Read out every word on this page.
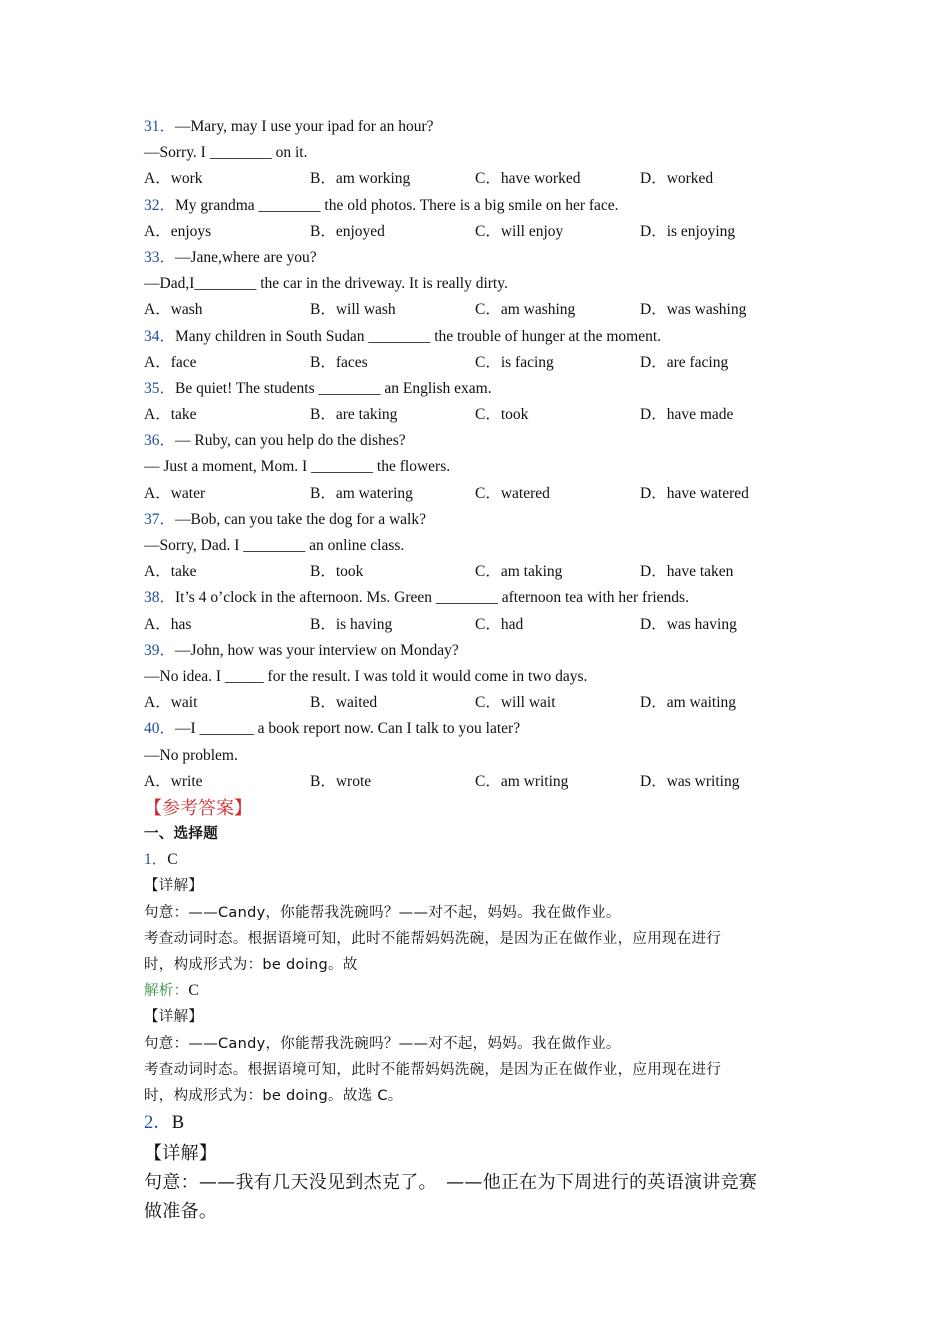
31．—Mary, may I use your ipad for an hour?
—Sorry. I ________ on it.
A．work	B．am working	C．have worked	D．worked
32．My grandma ________ the old photos. There is a big smile on her face.
A．enjoys	B．enjoyed	C．will enjoy	D．is enjoying
33．—Jane,where are you?
—Dad,I________ the car in the driveway. It is really dirty.
A．wash	B．will wash	C．am washing	D．was washing
34．Many children in South Sudan ________ the trouble of hunger at the moment.
A．face	B．faces	C．is facing	D．are facing
35．Be quiet! The students ________ an English exam.
A．take	B．are taking	C．took	D．have made
36．— Ruby, can you help do the dishes?
— Just a moment, Mom. I ________ the flowers.
A．water	B．am watering	C．watered	D．have watered
37．—Bob, can you take the dog for a walk?
—Sorry, Dad. I ________ an online class.
A．take	B．took	C．am taking	D．have taken
38．It’s 4 o’clock in the afternoon. Ms. Green ________ afternoon tea with her friends.
A．has	B．is having	C．had	D．was having
39．—John, how was your interview on Monday?
—No idea. I _____ for the result. I was told it would come in two days.
A．wait	B．waited	C．will wait	D．am waiting
40．—I _______ a book report now. Can I talk to you later?
—No problem.
A．write	B．wrote	C．am writing	D．was writing
【参考答案】
一、选择题
1．C
【详解】
句意：——Candy，你能帮我洗碗吗？——对不起，妈妈。我在做作业。
考查动词时态。根据语境可知，此时不能帮妈妈洗碗，是因为正在做作业，应用现在进行
时，构成形式为：be doing。故
解析：C
【详解】
句意：——Candy，你能帮我洗碗吗？——对不起，妈妈。我在做作业。
考查动词时态。根据语境可知，此时不能帮妈妈洗碗，是因为正在做作业，应用现在进行
时，构成形式为：be doing。故选 C。
2．B
【详解】
句意：——我有几天没见到杰克了。　——他正在为下周进行的英语演讲竞赛
做准备。
